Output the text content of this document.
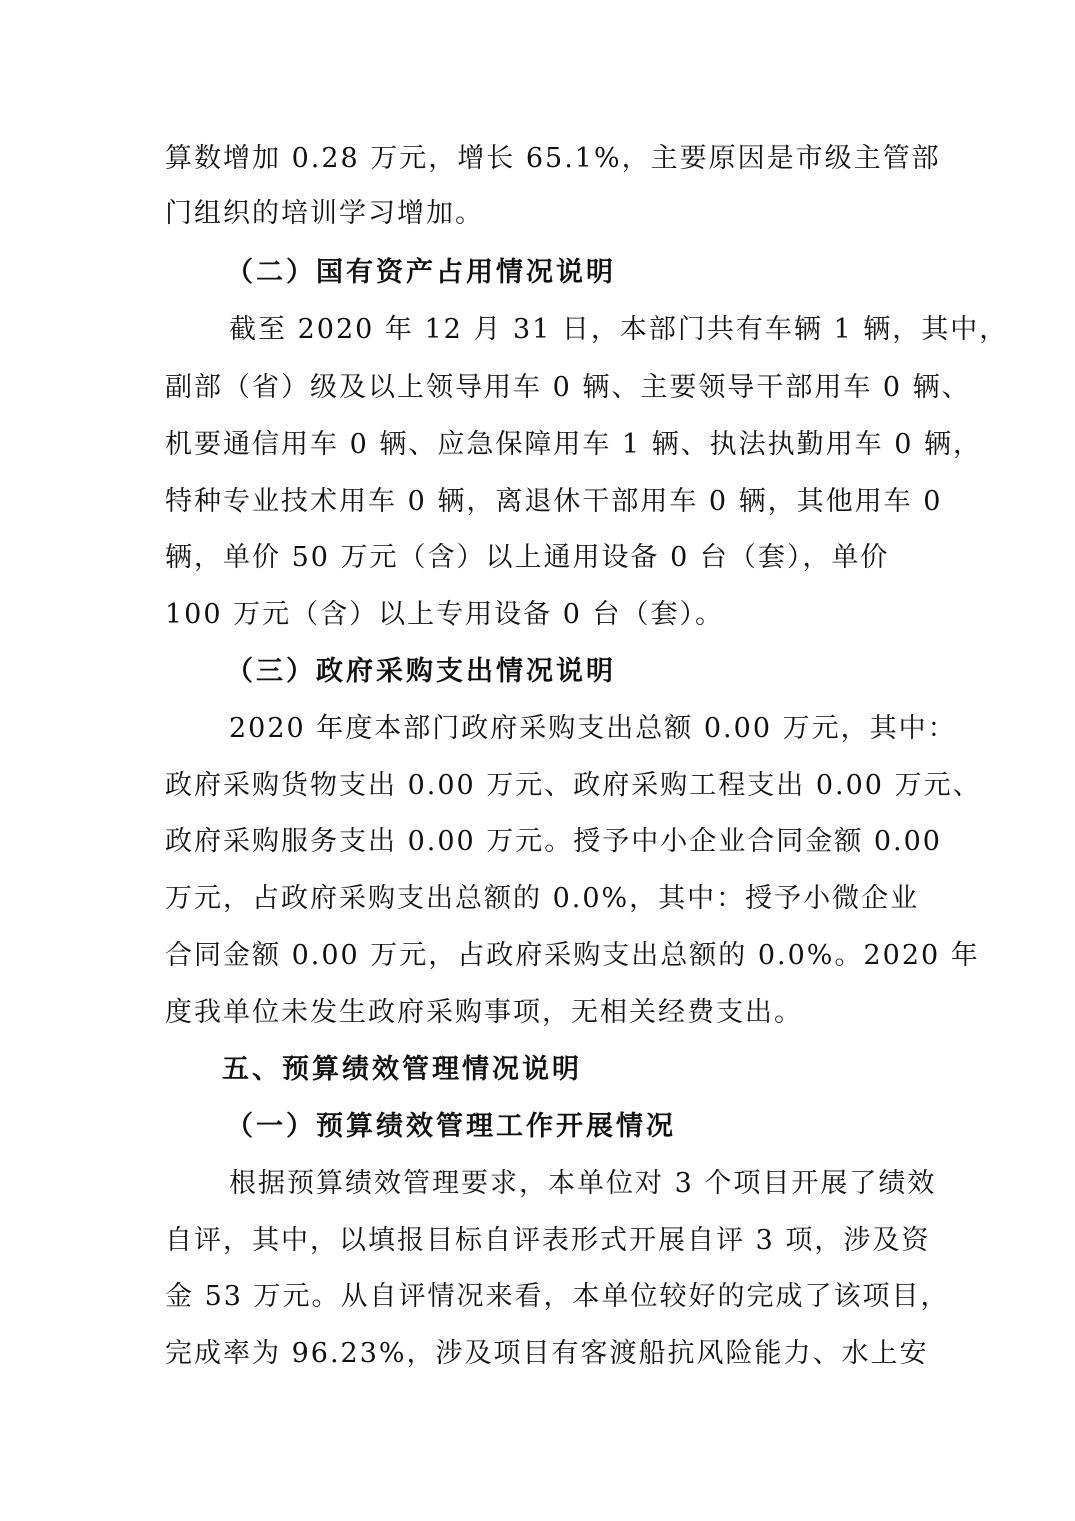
算数增加 0.28 万元，增长 65.1%，主要原因是市级主管部
门组织的培训学习增加。
（二）国有资产占用情况说明
截至 2020 年 12 月 31 日，本部门共有车辆 1 辆，其中，
副部（省）级及以上领导用车 0 辆、主要领导干部用车 0 辆、
机要通信用车 0 辆、应急保障用车 1 辆、执法执勤用车 0 辆，
特种专业技术用车 0 辆，离退休干部用车 0 辆，其他用车 0
辆，单价 50 万元（含）以上通用设备 0 台（套），单价
100 万元（含）以上专用设备 0 台（套）。
（三）政府采购支出情况说明
2020 年度本部门政府采购支出总额 0.00 万元，其中：
政府采购货物支出 0.00 万元、政府采购工程支出 0.00 万元、
政府采购服务支出 0.00 万元。授予中小企业合同金额 0.00
万元，占政府采购支出总额的 0.0%，其中：授予小微企业
合同金额 0.00 万元，占政府采购支出总额的 0.0%。2020 年
度我单位未发生政府采购事项，无相关经费支出。
五、预算绩效管理情况说明
（一）预算绩效管理工作开展情况
根据预算绩效管理要求，本单位对 3 个项目开展了绩效
自评，其中，以填报目标自评表形式开展自评 3 项，涉及资
金 53 万元。从自评情况来看，本单位较好的完成了该项目，
完成率为 96.23%，涉及项目有客渡船抗风险能力、水上安
